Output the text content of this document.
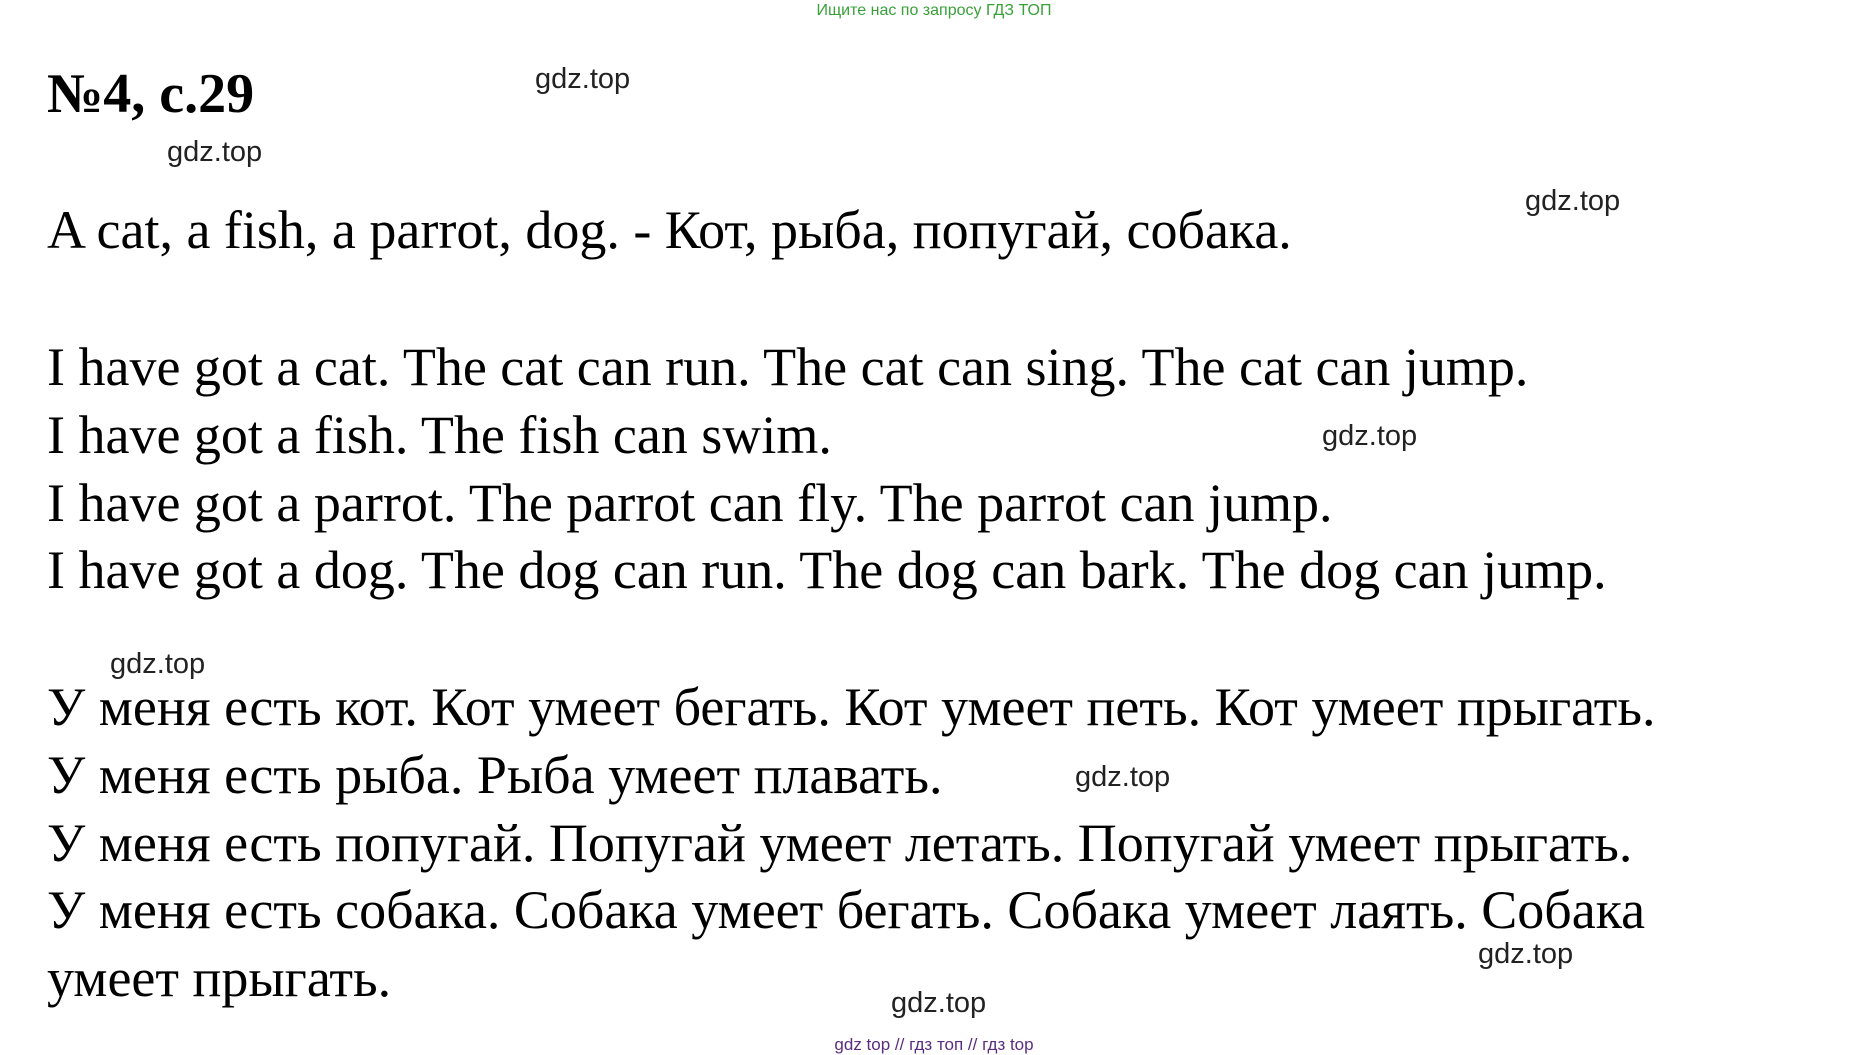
Ищите нас по запросу ГДЗ ТОП
№4, с.29
A cat, a fish, a parrot, dog. - Кот, рыба, попугай, собака.
I have got a cat. The cat can run. The cat can sing. The cat can jump.
I have got a fish. The fish can swim.
I have got a parrot. The parrot can fly. The parrot can jump.
I have got a dog. The dog can run. The dog can bark. The dog can jump.
У меня есть кот. Кот умеет бегать. Кот умеет петь. Кот умеет прыгать.
У меня есть рыба. Рыба умеет плавать.
У меня есть попугай. Попугай умеет летать. Попугай умеет прыгать.
У меня есть собака. Собака умеет бегать. Собака умеет лаять. Собака
умеет прыгать.
gdz.top
gdz.top
gdz.top
gdz.top
gdz.top
gdz.top
gdz.top
gdz.top
gdz top // гдз топ // гдз top
